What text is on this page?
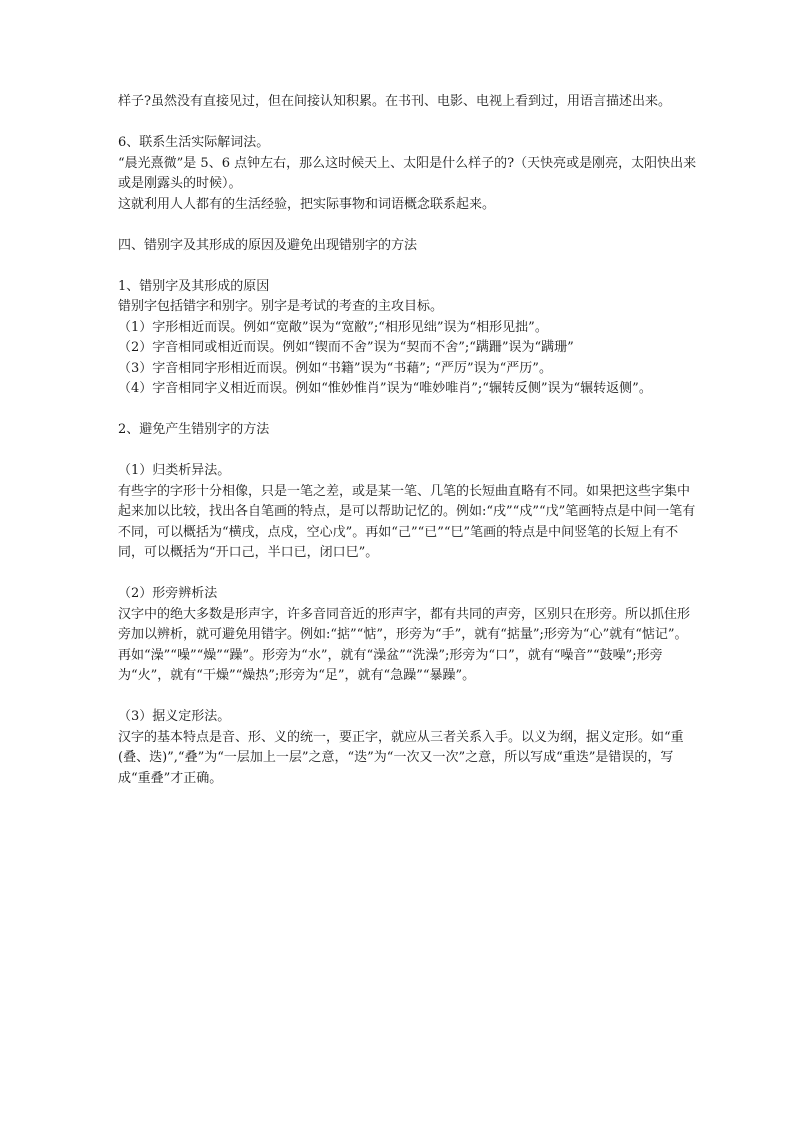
样子?虽然没有直接见过，但在间接认知积累。在书刊、电影、电视上看到过，用语言描述出来。

6、联系生活实际解词法。

“晨光熹微”是 5、6 点钟左右，那么这时候天上、太阳是什么样子的?（天快亮或是刚亮，太阳快出来或是刚露头的时候）。

这就利用人人都有的生活经验，把实际事物和词语概念联系起来。

四、错别字及其形成的原因及避免出现错别字的方法

1、错别字及其形成的原因

错别字包括错字和别字。别字是考试的考查的主攻目标。

（1）字形相近而误。例如“宽敞”误为“宽敝”;“相形见绌”误为“相形见拙”。

（2）字音相同或相近而误。例如“锲而不舍”误为“契而不舍”;“蹒跚”误为“蹒珊”

（3）字音相同字形相近而误。例如“书籍”误为“书藉”; “严厉”误为“严历”。

（4）字音相同字义相近而误。例如“惟妙惟肖”误为“唯妙唯肖”;“辗转反侧”误为“辗转返侧”。

2、避免产生错别字的方法

（1）归类析异法。

有些字的字形十分相像，只是一笔之差，或是某一笔、几笔的长短曲直略有不同。如果把这些字集中起来加以比较，找出各自笔画的特点，是可以帮助记忆的。例如:“戌”“戍”“戊”笔画特点是中间一笔有不同，可以概括为“横戌，点戍，空心戊”。再如“己”“已”“巳”笔画的特点是中间竖笔的长短上有不同，可以概括为“开口己，半口已，闭口巳”。

（2）形旁辨析法

汉字中的绝大多数是形声字，许多音同音近的形声字，都有共同的声旁，区别只在形旁。所以抓住形旁加以辨析，就可避免用错字。例如:“掂”“惦”，形旁为“手”，就有“掂量”;形旁为“心”就有“惦记”。再如“澡”“噪”“燥”“躁”。形旁为“水”，就有“澡盆”“洗澡”;形旁为“口”，就有“噪音”“鼓噪”;形旁为“火”，就有“干燥”“燥热”;形旁为“足”，就有“急躁”“暴躁”。

（3）据义定形法。

汉字的基本特点是音、形、义的统一，要正字，就应从三者关系入手。以义为纲，据义定形。如“重(叠、迭)”,“叠”为“一层加上一层”之意，“迭”为“一次又一次”之意，所以写成“重迭”是错误的，写成“重叠”才正确。
